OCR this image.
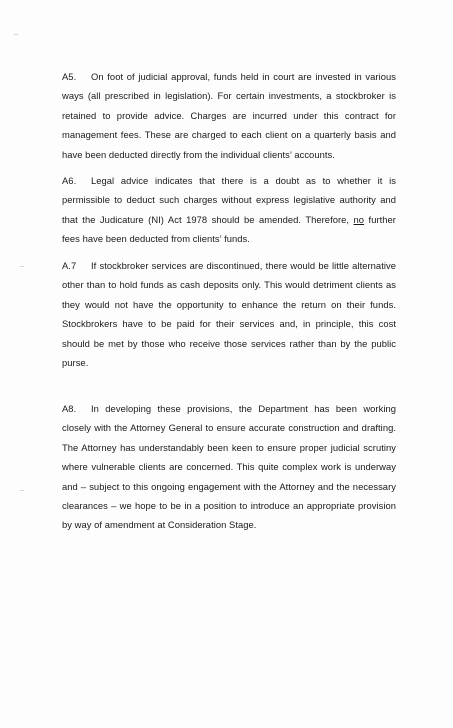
A5. On foot of judicial approval, funds held in court are invested in various ways (all prescribed in legislation). For certain investments, a stockbroker is retained to provide advice. Charges are incurred under this contract for management fees. These are charged to each client on a quarterly basis and have been deducted directly from the individual clients’ accounts.

A6. Legal advice indicates that there is a doubt as to whether it is permissible to deduct such charges without express legislative authority and that the Judicature (NI) Act 1978 should be amended. Therefore, no further fees have been deducted from clients’ funds.

A.7 If stockbroker services are discontinued, there would be little alternative other than to hold funds as cash deposits only. This would detriment clients as they would not have the opportunity to enhance the return on their funds. Stockbrokers have to be paid for their services and, in principle, this cost should be met by those who receive those services rather than by the public purse.

A8. In developing these provisions, the Department has been working closely with the Attorney General to ensure accurate construction and drafting. The Attorney has understandably been keen to ensure proper judicial scrutiny where vulnerable clients are concerned. This quite complex work is underway and – subject to this ongoing engagement with the Attorney and the necessary clearances – we hope to be in a position to introduce an appropriate provision by way of amendment at Consideration Stage.
